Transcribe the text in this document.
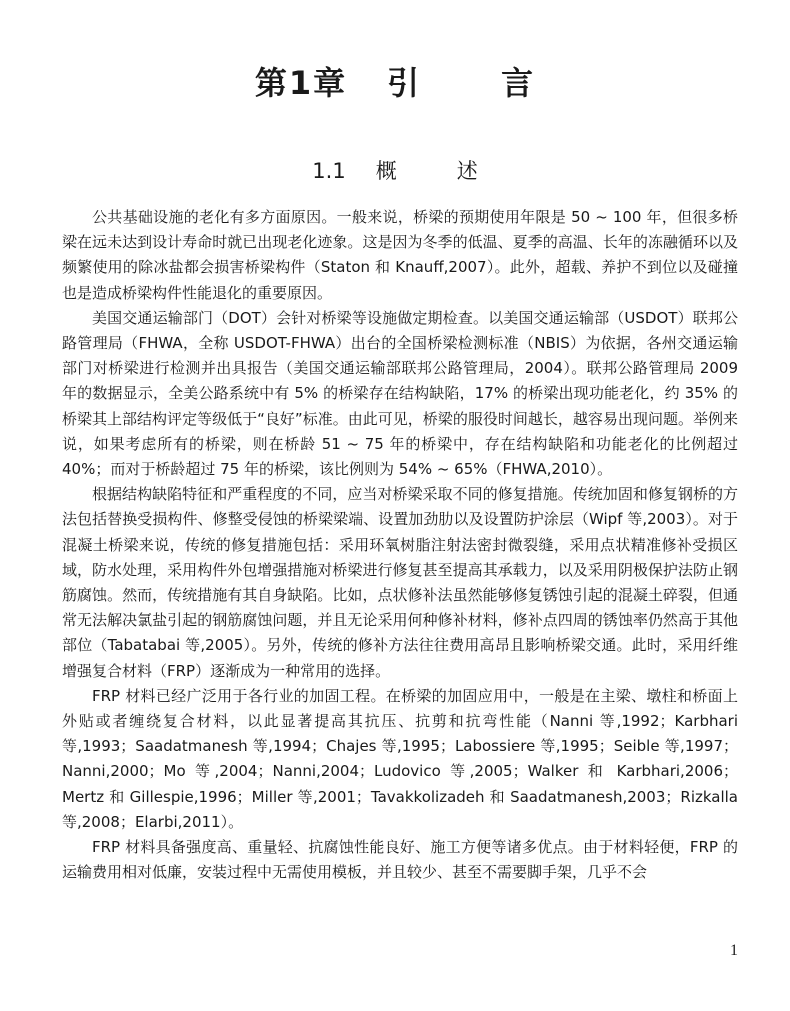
第1章 引	言
1.1 概	述

公共基础设施的老化有多方面原因。一般来说，桥梁的预期使用年限是 50 ~ 100 年，但很多桥梁在远未达到设计寿命时就已出现老化迹象。这是因为冬季的低温、夏季的高温、长年的冻融循环以及频繁使用的除冰盐都会损害桥梁构件（Staton 和 Knauff,2007）。此外，超载、养护不到位以及碰撞也是造成桥梁构件性能退化的重要原因。

美国交通运输部门（DOT）会针对桥梁等设施做定期检查。以美国交通运输部（USDOT）联邦公路管理局（FHWA，全称 USDOT-FHWA）出台的全国桥梁检测标准（NBIS）为依据，各州交通运输部门对桥梁进行检测并出具报告（美国交通运输部联邦公路管理局，2004）。联邦公路管理局 2009 年的数据显示，全美公路系统中有 5% 的桥梁存在结构缺陷，17% 的桥梁出现功能老化，约 35% 的桥梁其上部结构评定等级低于“良好”标准。由此可见，桥梁的服役时间越长，越容易出现问题。举例来说，如果考虑所有的桥梁，则在桥龄 51 ~ 75 年的桥梁中，存在结构缺陷和功能老化的比例超过 40%；而对于桥龄超过 75 年的桥梁，该比例则为 54% ~ 65%（FHWA,2010）。

根据结构缺陷特征和严重程度的不同，应当对桥梁采取不同的修复措施。传统加固和修复钢桥的方法包括替换受损构件、修整受侵蚀的桥梁梁端、设置加劲肋以及设置防护涂层（Wipf 等,2003）。对于混凝土桥梁来说，传统的修复措施包括：采用环氧树脂注射法密封微裂缝，采用点状精准修补受损区域，防水处理，采用构件外包增强措施对桥梁进行修复甚至提高其承载力，以及采用阴极保护法防止钢筋腐蚀。然而，传统措施有其自身缺陷。比如，点状修补法虽然能够修复锈蚀引起的混凝土碎裂，但通常无法解决氯盐引起的钢筋腐蚀问题，并且无论采用何种修补材料，修补点四周的锈蚀率仍然高于其他部位（Tabatabai 等,2005）。另外，传统的修补方法往往费用高昂且影响桥梁交通。此时，采用纤维增强复合材料（FRP）逐渐成为一种常用的选择。

FRP 材料已经广泛用于各行业的加固工程。在桥梁的加固应用中，一般是在主梁、墩柱和桥面上外贴或者缠绕复合材料，以此显著提高其抗压、抗剪和抗弯性能（Nanni 等,1992；Karbhari 等,1993；Saadatmanesh 等,1994；Chajes 等,1995；Labossiere 等,1995；Seible 等,1997；Nanni,2000；Mo 等,2004；Nanni,2004；Ludovico 等,2005；Walker 和 Karbhari,2006；Mertz 和 Gillespie,1996；Miller 等,2001；Tavakkolizadeh 和 Saadatmanesh,2003；Rizkalla 等,2008；Elarbi,2011）。

FRP 材料具备强度高、重量轻、抗腐蚀性能良好、施工方便等诸多优点。由于材料轻便，FRP 的运输费用相对低廉，安装过程中无需使用模板，并且较少、甚至不需要脚手架，几乎不会

1
